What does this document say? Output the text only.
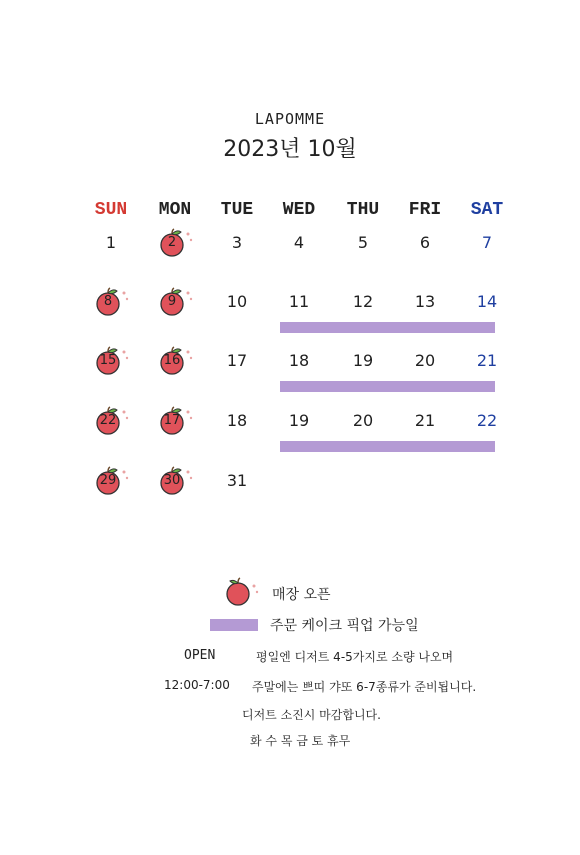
LAPOMME
2023년 10월
SUN	MON	TUE	WED	THU	FRI	SAT
1	2	3	4	5	6	7
8	9	10	11	12	13	14
15	16	17	18	19	20	21
22	17	18	19	20	21	22
29	30	31
매장 오픈
주문 케이크 픽업 가능일
OPEN	평일엔 디저트 4-5가지로 소량 나오며
12:00-7:00 주말에는 쁘띠 갸또 6-7종류가 준비됩니다.
디저트 소진시 마감합니다.
화 수 목 금 토 휴무
